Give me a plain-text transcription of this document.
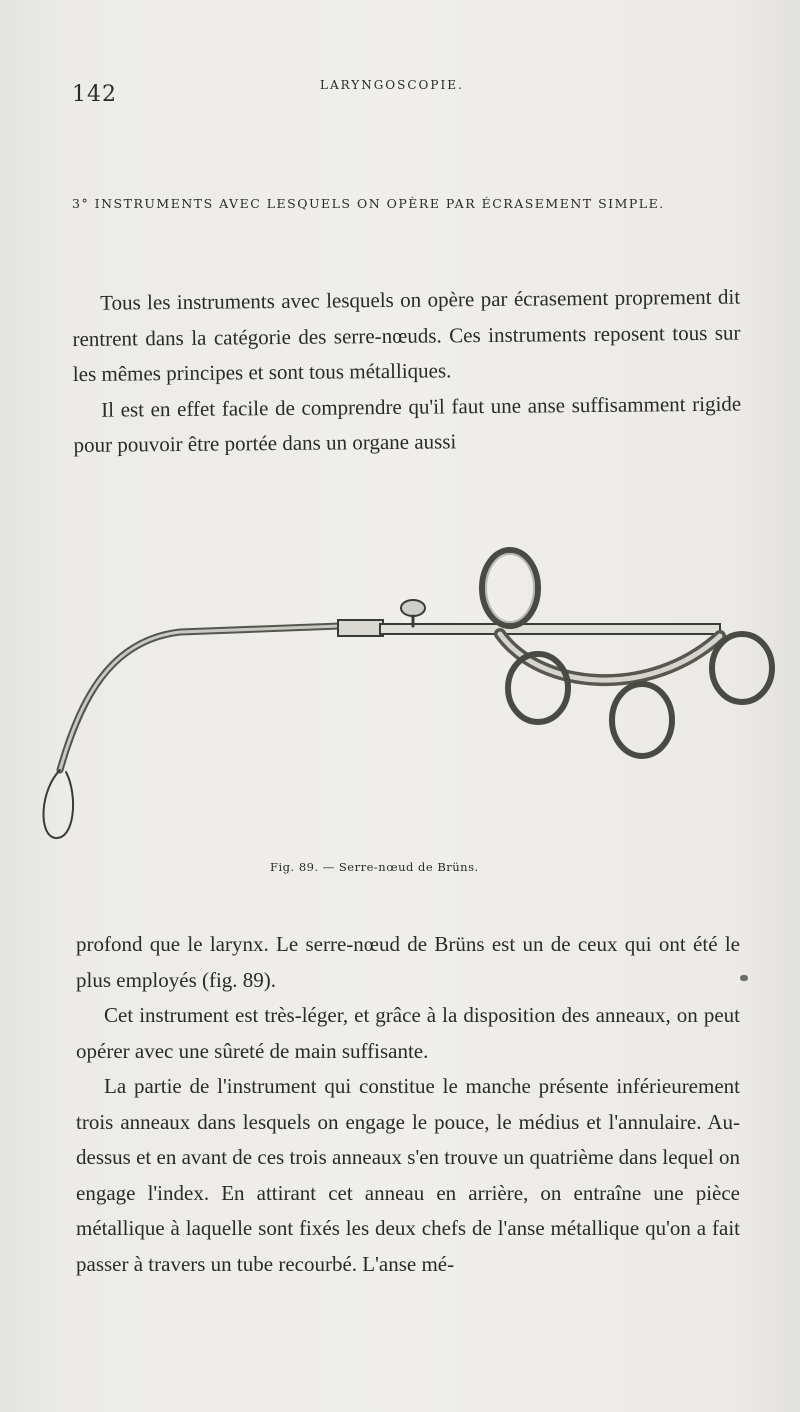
142	LARYNGOSCOPIE.
3° INSTRUMENTS AVEC LESQUELS ON OPÈRE PAR ÉCRASEMENT SIMPLE.

Tous les instruments avec lesquels on opère par écrasement proprement dit rentrent dans la catégorie des serre-nœuds. Ces instruments reposent tous sur les mêmes principes et sont tous métalliques.

Il est en effet facile de comprendre qu'il faut une anse suffisamment rigide pour pouvoir être portée dans un organe aussi

Fig. 89. — Serre-nœud de Brüns.

profond que le larynx. Le serre-nœud de Brüns est un de ceux qui ont été le plus employés (fig. 89).

Cet instrument est très-léger, et grâce à la disposition des anneaux, on peut opérer avec une sûreté de main suffisante.

La partie de l'instrument qui constitue le manche présente inférieurement trois anneaux dans lesquels on engage le pouce, le médius et l'annulaire. Au-dessus et en avant de ces trois anneaux s'en trouve un quatrième dans lequel on engage l'index. En attirant cet anneau en arrière, on entraîne une pièce métallique à laquelle sont fixés les deux chefs de l'anse métallique qu'on a fait passer à travers un tube recourbé. L'anse mé-
